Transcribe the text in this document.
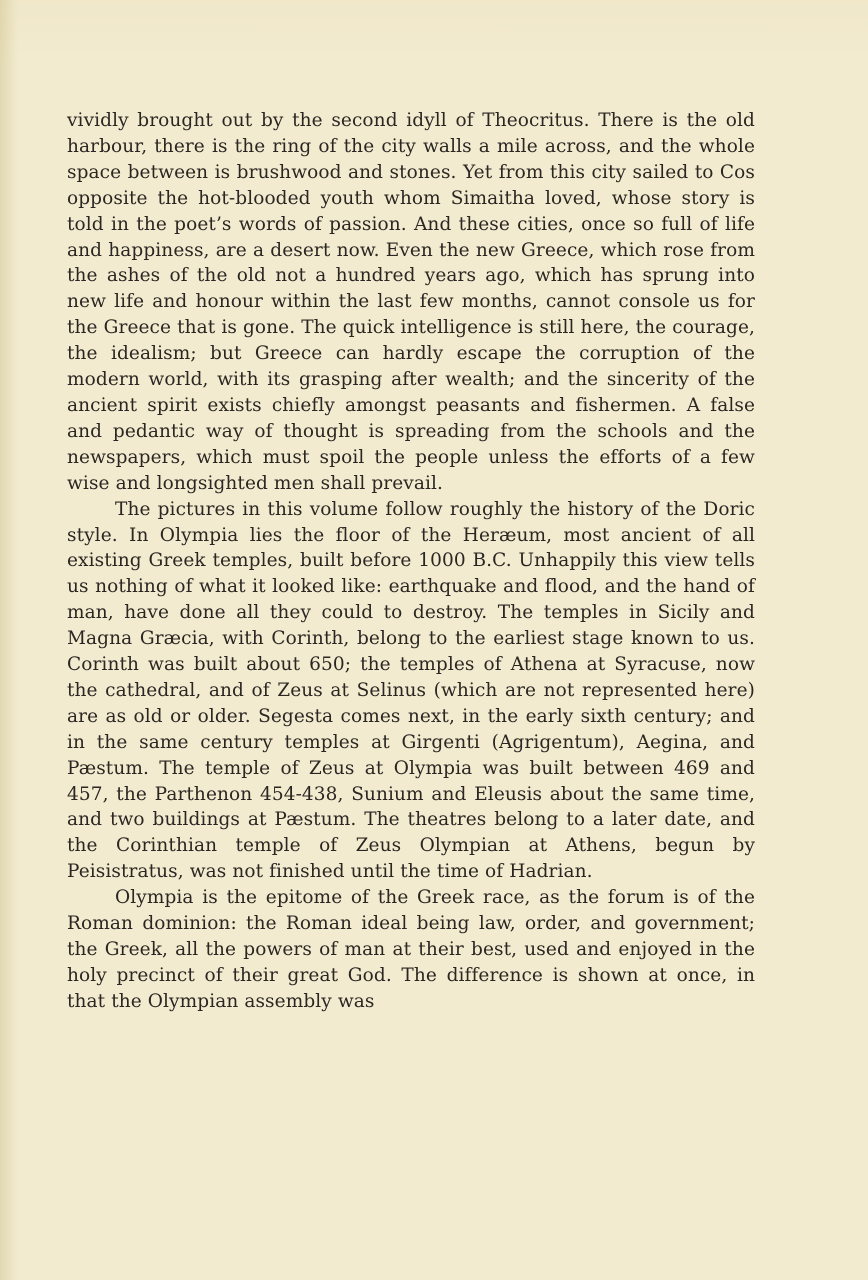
vividly brought out by the second idyll of Theocritus. There is the old harbour, there is the ring of the city walls a mile across, and the whole space between is brushwood and stones. Yet from this city sailed to Cos opposite the hot-blooded youth whom Simaitha loved, whose story is told in the poet’s words of passion. And these cities, once so full of life and happiness, are a desert now. Even the new Greece, which rose from the ashes of the old not a hundred years ago, which has sprung into new life and honour within the last few months, cannot console us for the Greece that is gone. The quick intelligence is still here, the courage, the idealism; but Greece can hardly escape the corruption of the modern world, with its grasping after wealth; and the sincerity of the ancient spirit exists chiefly amongst peasants and fishermen. A false and pedantic way of thought is spreading from the schools and the newspapers, which must spoil the people unless the efforts of a few wise and longsighted men shall prevail.

The pictures in this volume follow roughly the history of the Doric style. In Olympia lies the floor of the Heræum, most ancient of all existing Greek temples, built before 1000 B.C. Unhappily this view tells us nothing of what it looked like: earthquake and flood, and the hand of man, have done all they could to destroy. The temples in Sicily and Magna Græcia, with Corinth, belong to the earliest stage known to us. Corinth was built about 650; the temples of Athena at Syracuse, now the cathedral, and of Zeus at Selinus (which are not represented here) are as old or older. Segesta comes next, in the early sixth century; and in the same century temples at Girgenti (Agrigentum), Aegina, and Pæstum. The temple of Zeus at Olympia was built between 469 and 457, the Parthenon 454-438, Sunium and Eleusis about the same time, and two buildings at Pæstum. The theatres belong to a later date, and the Corinthian temple of Zeus Olympian at Athens, begun by Peisistratus, was not finished until the time of Hadrian.

Olympia is the epitome of the Greek race, as the forum is of the Roman dominion: the Roman ideal being law, order, and government; the Greek, all the powers of man at their best, used and enjoyed in the holy precinct of their great God. The difference is shown at once, in that the Olympian assembly was
